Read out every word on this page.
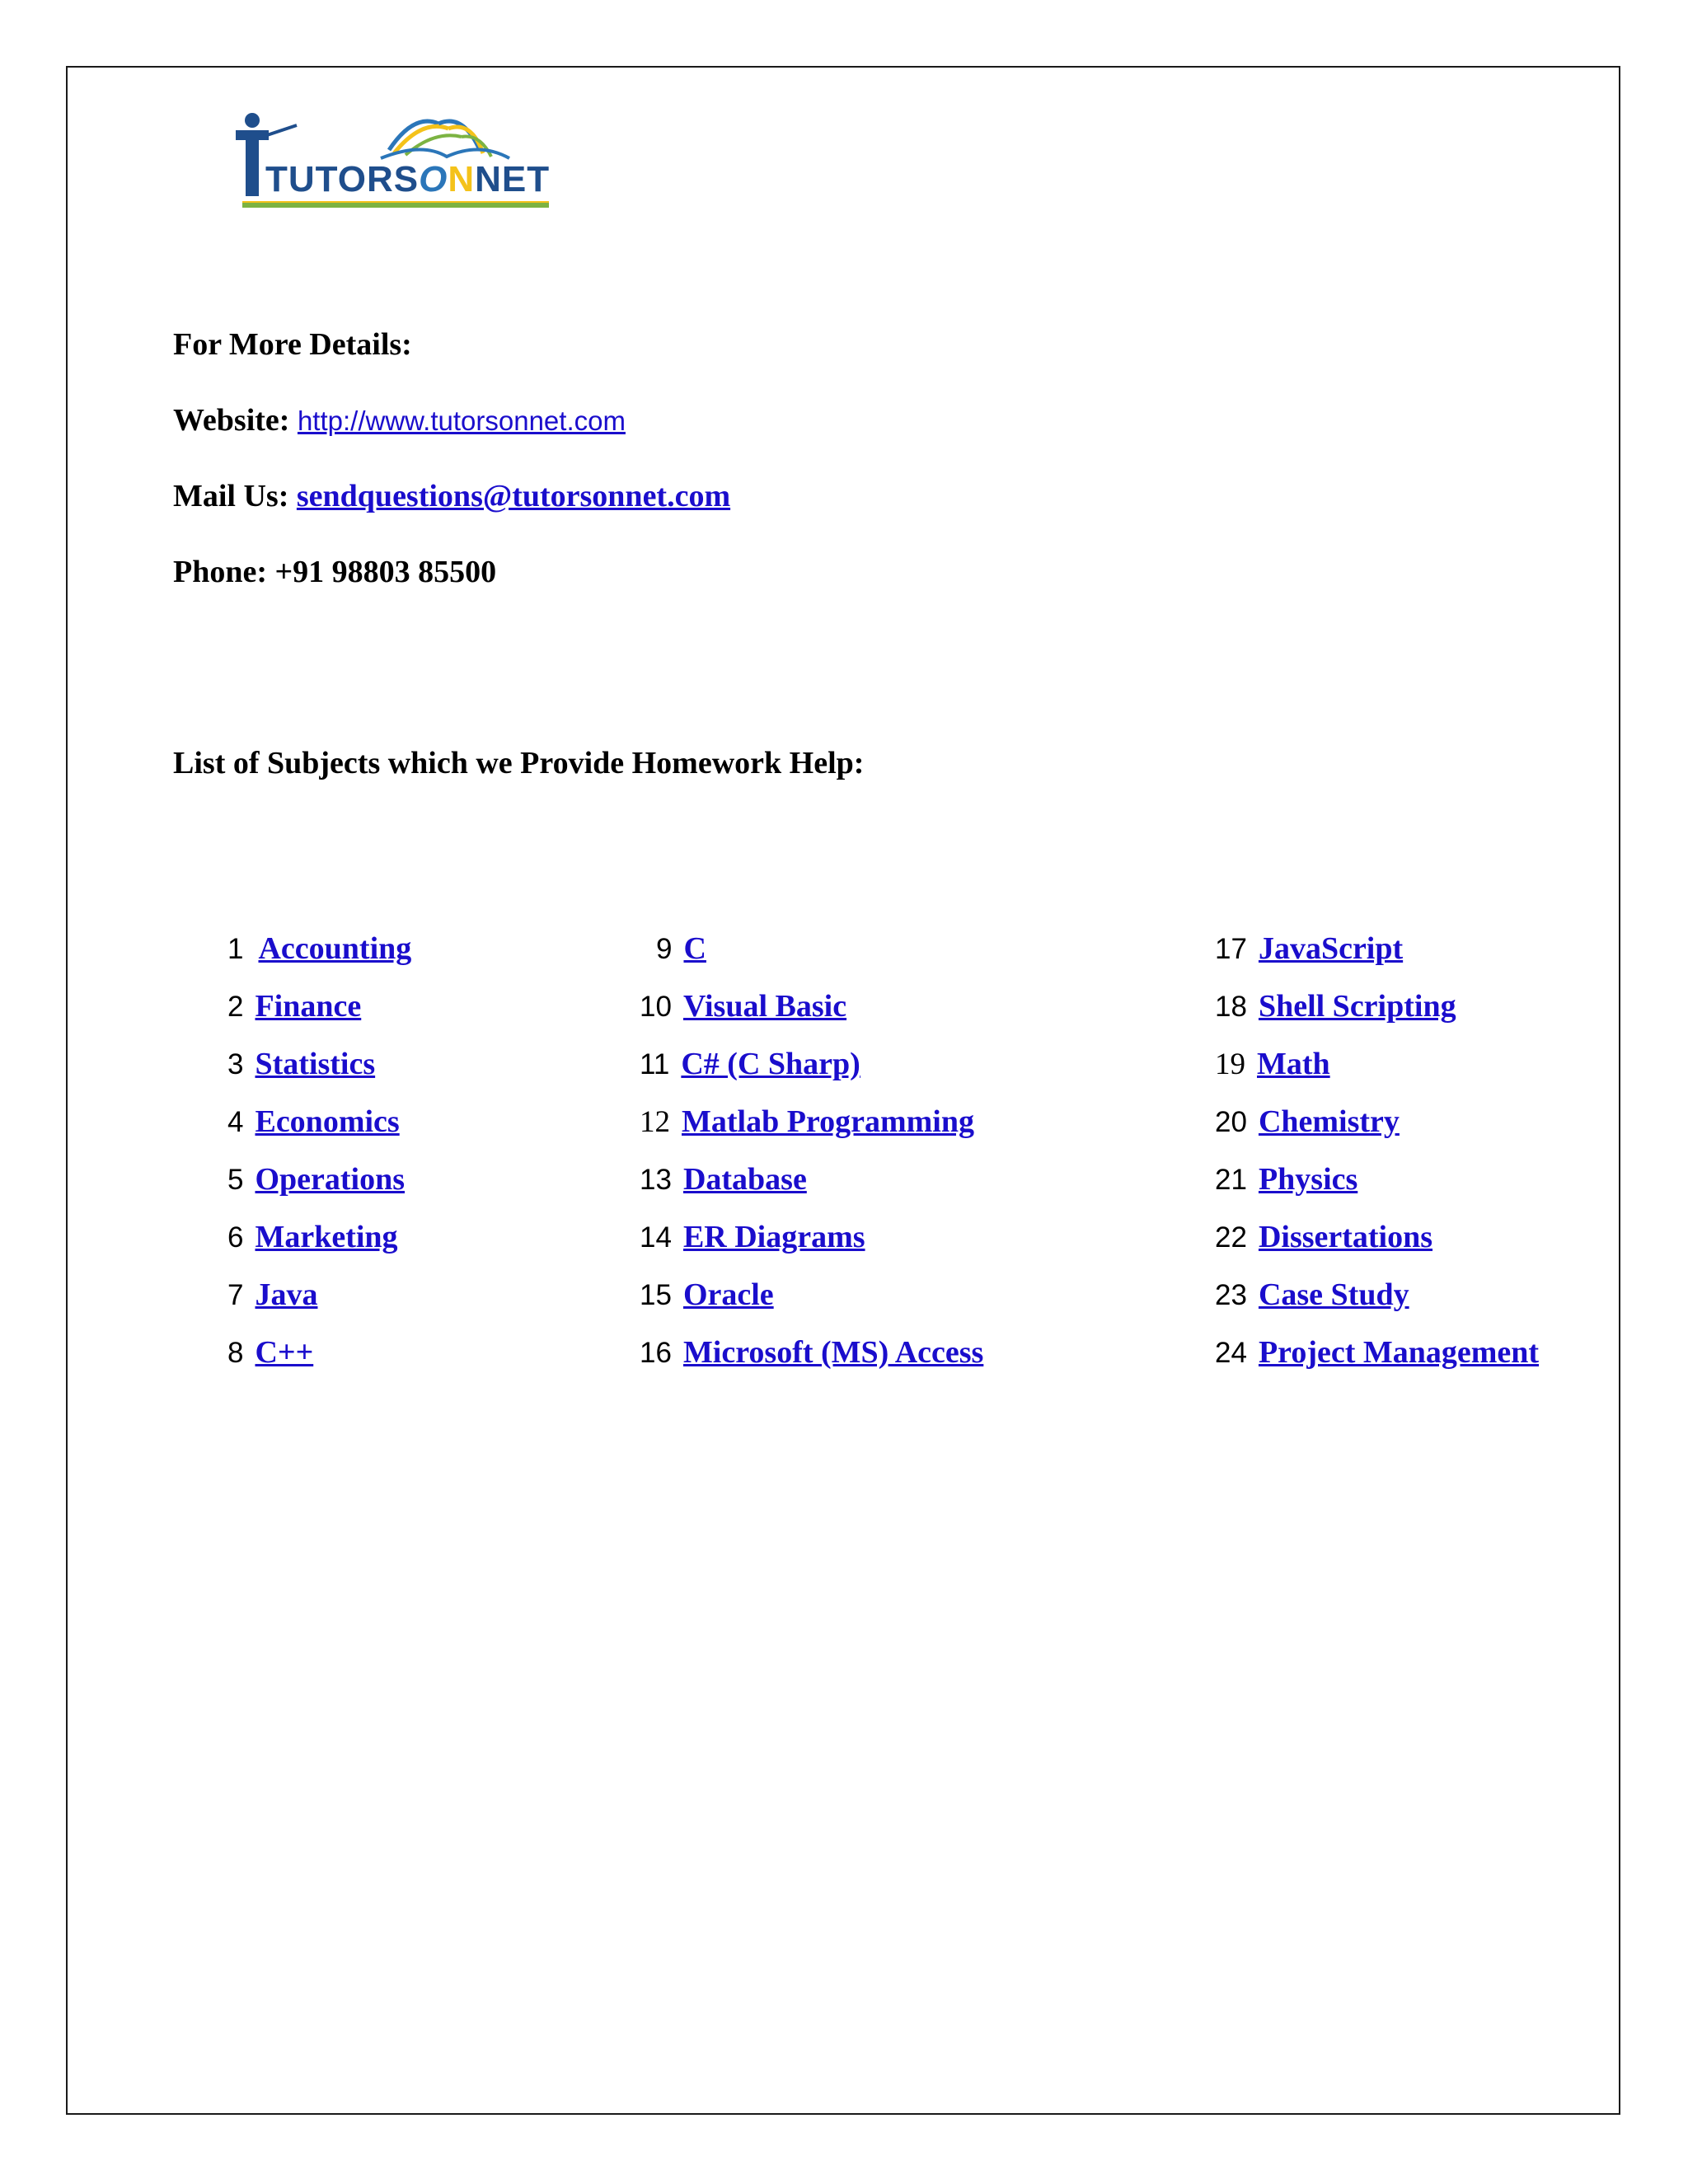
TUTORS O N NET
For More Details:
Website: http://www.tutorsonnet.com
Mail Us: sendquestions@tutorsonnet.com
Phone: +91 98803 85500
List of Subjects which we Provide Homework Help:
1 Accounting
2 Finance
3 Statistics
4 Economics
5 Operations
6 Marketing
7 Java
8 C++
9 C
10 Visual Basic
11 C# (C Sharp)
12 Matlab Programming
13 Database
14 ER Diagrams
15 Oracle
16 Microsoft (MS) Access
17 JavaScript
18 Shell Scripting
19 Math
20 Chemistry
21 Physics
22 Dissertations
23 Case Study
24 Project Management
